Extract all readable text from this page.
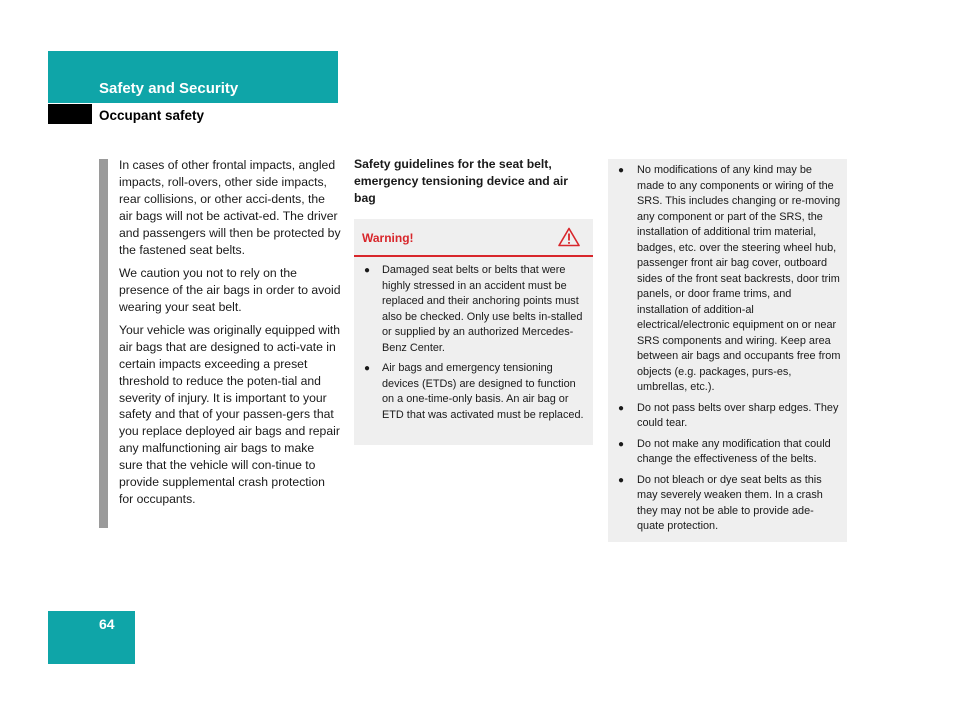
Safety and Security
Occupant safety

In cases of other frontal impacts, angled impacts, roll-overs, other side impacts, rear collisions, or other acci-dents, the air bags will not be activat-ed. The driver and passengers will then be protected by the fastened seat belts.

We caution you not to rely on the presence of the air bags in order to avoid wearing your seat belt.

Your vehicle was originally equipped with air bags that are designed to acti-vate in certain impacts exceeding a preset threshold to reduce the poten-tial and severity of injury. It is important to your safety and that of your passen-gers that you replace deployed air bags and repair any malfunctioning air bags to make sure that the vehicle will con-tinue to provide supplemental crash protection for occupants.

Safety guidelines for the seat belt, emergency tensioning device and air bag
Warning!
● Damaged seat belts or belts that were highly stressed in an accident must be replaced and their anchoring points must also be checked. Only use belts in-stalled or supplied by an authorized Mercedes-Benz Center.
● Air bags and emergency tensioning devices (ETDs) are designed to function on a one-time-only basis. An air bag or ETD that was activated must be replaced.
● No modifications of any kind may be made to any components or wiring of the SRS. This includes changing or re-moving any component or part of the SRS, the installation of additional trim material, badges, etc. over the steering wheel hub, passenger front air bag cover, outboard sides of the front seat backrests, door trim panels, or door frame trims, and installation of addition-al electrical/electronic equipment on or near SRS components and wiring. Keep area between air bags and occupants free from objects (e.g. packages, purs-es, umbrellas, etc.).
● Do not pass belts over sharp edges. They could tear.
● Do not make any modification that could change the effectiveness of the belts.
● Do not bleach or dye seat belts as this may severely weaken them. In a crash they may not be able to provide ade-quate protection.
64
